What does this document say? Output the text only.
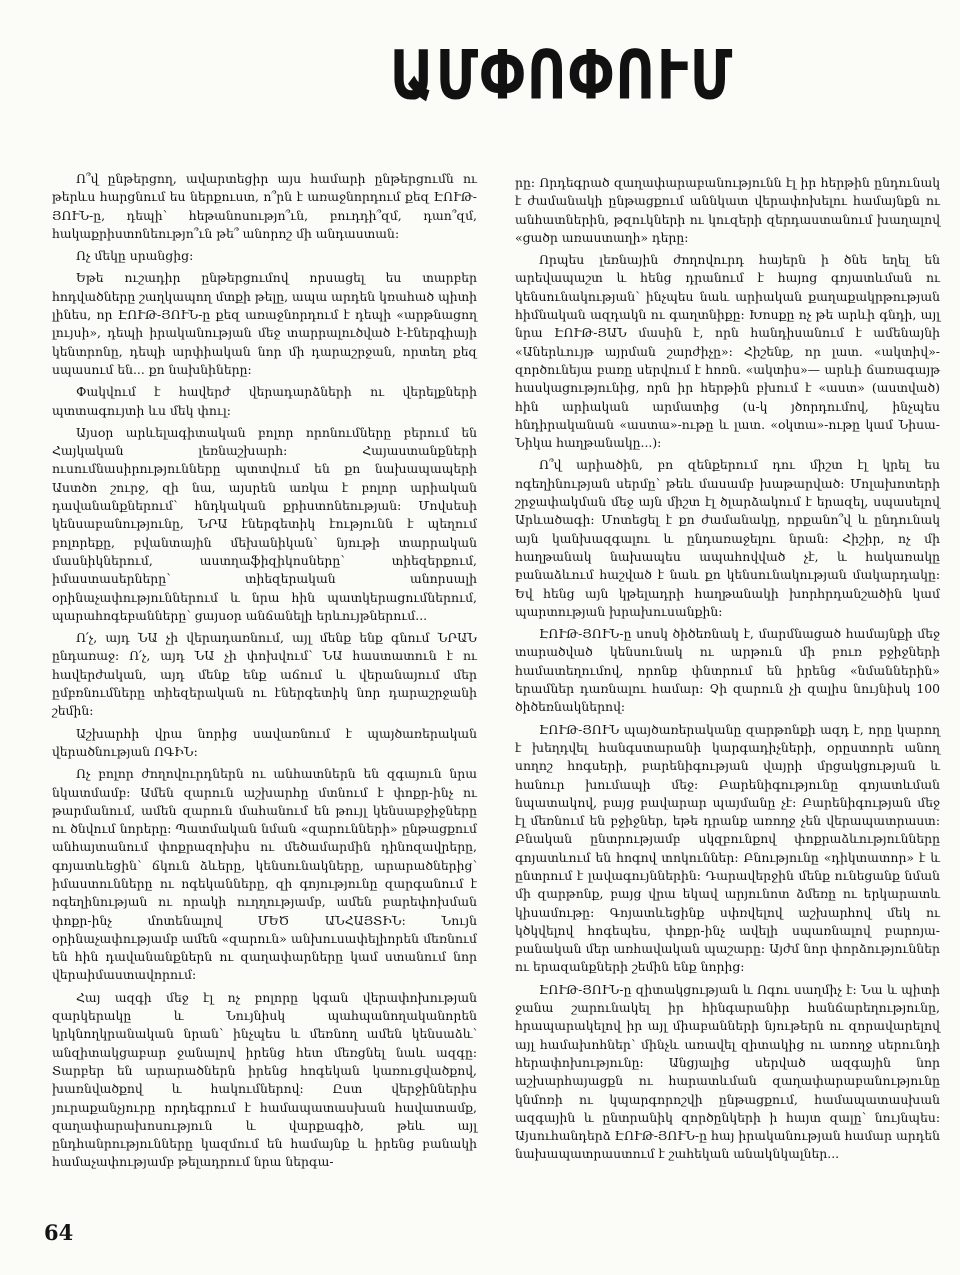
ԱՄՓՈՓՈՒՄ

Ո՞վ ընթերցող, ավարտեցիր այս համարի ընթերցումն ու թերևս հարցնում ես ներքուստ, ո՞րն է առաջնորդում քեզ ԷՈՒԹ-ՅՈՒՆ-ը, դեպի՝ հեթանոսությո՞ւն, բուդդի՞զմ, դաո՞զմ, հակաքրիստոնեությո՞ւն թե՞ անորոշ մի անդաստան:

Ոչ մեկը սրանցից:

Եթե ուշադիր ընթերցումով որսացել ես տարբեր հոդվածները շաղկապող մտքի թելը, ապա արդեն կռահած պիտի լինես, որ ԷՈՒԹ-ՅՈՒՆ-ը քեզ առաջնորդում է դեպի «արթնացող լույսի», դեպի իրականության մեջ տարրալուծված է-էներգիայի կենտրոնը, դեպի արփիական նոր մի դարաշրջան, որտեղ քեզ սպասում են... քո նախնիները:

Փակվում է հավերժ վերադարձների ու վերելքների պտտագույտի ևս մեկ փուլ:

Այսօր արևելագիտական բոլոր որոնումները բերում են Հայկական լեռնաշխարհ: Հայաստանքների ուսումնասիրությունները պտտվում են քո նախապապերի Աստծո շուրջ, զի նա, այսրեն առկա է բոլոր արիական դավանանքներում՝ հնդկական քրիստոնեության: Մովսեսի կենսաբանությունը, ՆՐԱ էներգետիկ էությունն է պեղում բոլորեքը, բվանտային մեխանիկան՝ նյութի տարրական մասնիկներում, աստղաֆիզիկոսները՝ տիեզերքում, իմաստասերները՝ տիեզերական անորսալի օրինաչափություններում և նրա հին պատկերացումներում, պարահոգեբանները՝ ցայսօր անճանելի երևույթներում...

Ո՛չ, այդ ՆԱ չի վերադառնում, այլ մենք ենք գնում ՆՐԱՆ ընդառաջ: Ո՛չ, այդ ՆԱ չի փոխվում՝ ՆԱ հաստատուն է ու հավերժական, այդ մենք ենք աճում և վերանայում մեր ըմբռնումները տիեզերական ու էներգետիկ նոր դարաշրջանի շեմին:

Աշխարհի վրա նորից սավառնում է պայծառերական վերածնության ՈԳԻՆ:

Ոչ բոլոր ժողովուրդներն ու անհատներն են զգայուն նրա նկատմամբ: Ամեն զարուն աշխարհը մտնում է փոքր-ինչ ու թարմանում, ամեն զարուն մահանում են թույլ կենսաբջիջները ու ծնվում նորերը: Պատմական նման «զարունների» ընթացքում անհայտանում փոքրազոխիս ու մեծամարմին դինոզավրերը, գոյատևեցին՝ ճկուն ձևերը, կենսունակները, արարածներից՝ իմաստունները ու ոգեկանները, զի գոյությունը զարգանում է ոգեղինության ու որակի ուղղությամբ, ամեն բարեփոխման փոքր-ինչ մոտենալով ՄԵԾ ԱՆՀԱՅՏԻՆ: Նույն օրինաչափությամբ ամեն «զարուն» անխուսափելիորեն մեռնում են հին դավանանքներն ու զաղափարները կամ ստանում նոր վերաիմաստավորում:

Հայ ազգի մեջ էլ ոչ բոլորը կգան վերափոխության զարկերակը և Նույնիսկ պահպանողականորեն կրկնողկրանական նրան՝ ինչպես և մեռնող ամեն կենսաձև՝ անզիտակցաբար ջանալով իրենց հետ մեռցնել նաև ազգը: Տարբեր են արարածներն իրենց հոգեկան կառուցվածքով, խառնվածքով և հակումներով: Ըստ վերջիններիս յուրաքանչյուրը որդեգրում է համապատասխան հավատամք, զաղափարախոսություն և վարքագիծ, թեև այլ ընդհանրությունները կազմում են համայնք և իրենց բանակի համաչափությամբ թելադրում նրա ներգա-

րը: Որդեգրած զաղափարաբանությունն էլ իր հերթին ընդունակ է ժամանակի ընթացքում աննկատ վերափոխելու համայնքն ու անհատներին, թզուկների ու կուզերի զերդաստանում խաղալով «ցածր առաստաղի» դերը:

Որպես լեռնային ժողովուրդ հայերն ի ծնե եղել են արեվապաշտ և հենց դրանում է հայոց գոյատևման ու կենսունակության՝ ինչպես նաև արիական քաղաքակրթության հիմնական ազդակն ու գաղտնիքը: Խոսքը ոչ թե արևի գնդի, այլ նրա ԷՈՒԹ-ՅԱՆ մասին է, որն հանդիսանում է ամենայնի «Աներևույթ այրման շարժիչը»: Հիշենք, որ լատ. «ակտիվ»-զործունեյա բառը սերվում է հոռն. «ակտիս»— արևի ճառագայթ հասկացությունից, որն իր հերթին բխում է «աստ» (աստված) հին արիական արմատից (ս-կ յծորդումով, ինչպես հնդիրականան «աստա»-ութը և լատ. «օկտա»-ութը կամ Նիսա-Նիկա հաղթանակը...):

Ո՞վ արիածին, բո զենքերում դու միշտ էլ կրել ես ոգեղինության սերմը՝ թեև մասամբ խաթարված: Մոլախոտերի շրջափակման մեջ այն միշտ էլ ծլարձակում է երազել, սպասելով Արևածագի: Մոտեցել է քո ժամանակը, որքանո՞վ և ընդունակ այն կանխազգալու և ընդառաջելու նրան: Հիշիր, ոչ մի հաղթանակ նախապես ապահովված չէ, և հակառակը բանաձևում հաշված է նաև քո կենսունակության մակարդակը: Եվ հենց այն կթելադրի հաղթանակի խորհրդանշածին կամ պարտության խրախուսանքին:

ԷՈՒԹ-ՅՈՒՆ-ը սոսկ ծիծեռնակ է, մարմնացած համայնքի մեջ տարածված կենսունակ ու արթուն մի բուռ բջիջների համատեղումով, որոնք փնտրում են իրենց «նմաններին» երամներ դառնալու համար: Չի զարուն չի զալիս նույնիսկ 100 ծիծեռնակներով:

ԷՈՒԹ-ՅՈՒՆ պայծառերականը զարթոնքի ազդ է, որը կարող է խեղդվել հանգստարանի կարգադիչների, օրըստորե անող սողոշ հոգսերի, բարենիգության վայրի մրցակցության և հանուր խումապի մեջ: Բարենիգությունը գոյատևման նպատակով, բայց բավարար պայմանը չէ: Բարենիգության մեջ էլ մեռնում են բջիջներ, եթե դրանք առողջ չեն վերապատրաստ: Բնական ընտրությամբ սկզբունքով փոքրաձևությունները գոյատևում են հոգով տոկուններ: Բնությունը «դիկտատոր» է և ընտրում է լավագույններին: Դարավերջին մենք ունեցանք նման մի զարթոնք, բայց վրա եկավ արյունոտ ձմեռը ու երկարատև կիսամութը: Գոյատևեցինք սփռվելով աշխարհով մեկ ու կծկվելով հոգեպես, փոքր-ինչ ավելի սպառնալով բարոյա-բանական մեր առհավական պաշարը: Այժմ նոր փորձություններ ու երազանքների շեմին ենք նորից:

ԷՈՒԹ-ՅՈՒՆ-ը զիտակցության և Ոգու սաղմիչ է: Նա և պիտի ջանա շարունակել իր հինգարանիր հանճարեղությունը, հրապարակելով իր այլ միաբանների նյութերն ու զորավարելով այլ համախոհներ՝ մինչև առավել զիտակից ու առողջ սերունդի հերափոխությունը: Անցյալից սերված ազգային նոր աշխարհայացքն ու հարատևման զաղափարաբանությունը կնմոռի ու կպարգորոշվի ընթացքում, համապատասխան ազգային և ընտրանիկ զործընկերի ի հայտ զալը՝ նույնպես: Այսուհանդերձ ԷՈՒԹ-ՅՈՒՆ-ը հայ իրականության համար արդեն նախապատրաստում է շահեկան անակնկալներ...

64
